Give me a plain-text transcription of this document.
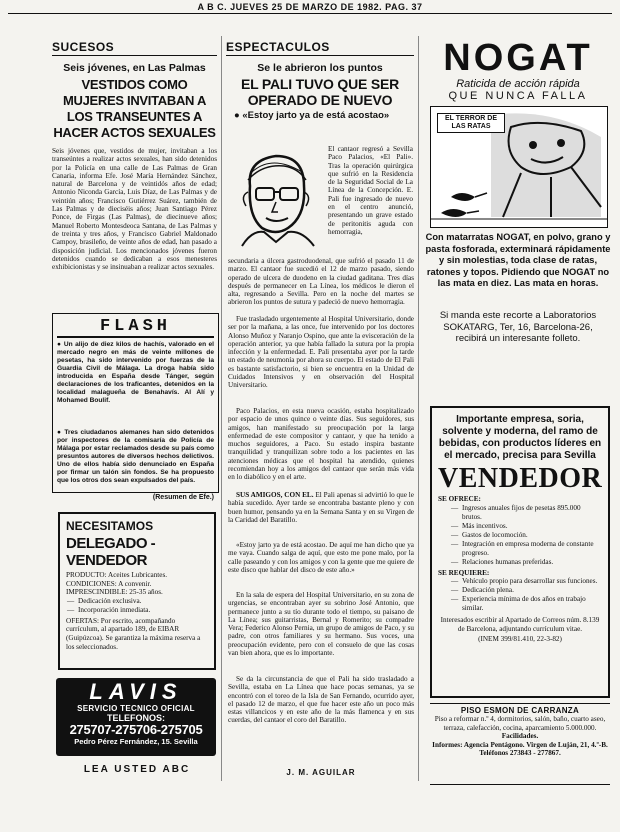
A B C. JUEVES 25 DE MARZO DE 1982. PAG. 37
SUCESOS
Seis jóvenes, en Las Palmas
VESTIDOS COMO MUJERES INVITABAN A LOS TRANSEUNTES A HACER ACTOS SEXUALES
Seis jóvenes que, vestidos de mujer, invitaban a los transeúntes a realizar actos sexuales, han sido detenidos por la Policía en una calle de Las Palmas de Gran Canaria, informa Efe. José María Hernández Sánchez, natural de Barcelona y de veintidós años de edad; Antonio Niconda García, Luis Díaz, de Las Palmas y de veintiún años; Francisco Gutiérrez Suárez, también de Las Palmas y de dieciséis años; Juan Santiago Pérez Ponce, de Firgas (Las Palmas), de diecinueve años; Manuel Roberto Montesdeoca Santana, de Las Palmas y de treinta y tres años, y Francisco Gabriel Maldonado Campoy, brasileño, de veinte años de edad, han pasado a disposición judicial. Los mencionados jóvenes fueron detenidos cuando se dedicaban a esos menesteres exhibicionistas y se insinuaban a realizar actos sexuales.
FLASH
● Un alijo de diez kilos de hachís, valorado en el mercado negro en más de veinte millones de pesetas, ha sido intervenido por fuerzas de la Guardia Civil de Málaga. La droga había sido introducida en España desde Tánger, según declaraciones de los traficantes, detenidos en la localidad malagueña de Benahavís. Al Alí y Mohamed Boulif.
● Tres ciudadanos alemanes han sido detenidos por inspectores de la comisaría de Policía de Málaga por estar reclamados desde su país como presuntos autores de diversos hechos delictivos. Uno de ellos había sido denunciado en España por firmar un talón sin fondos. Se ha propuesto que los otros dos sean expulsados del país.
(Resumen de Efe.)
NECESITAMOS
DELEGADO - VENDEDOR
PRODUCTO: Aceites Lubricantes.
CONDICIONES: A convenir.
IMPRESCINDIBLE: 25-35 años.
— Dedicación exclusiva.
— Incorporación inmediata.
OFERTAS: Por escrito, acompañando currículum, al apartado 189, de EIBAR (Guipúzcoa). Se garantiza la máxima reserva a los seleccionados.
LAVIS
SERVICIO TECNICO OFICIAL
TELEFONOS:
275707-275706-275705
Pedro Pérez Fernández, 15. Sevilla
LEA USTED ABC
ESPECTACULOS
Se le abrieron los puntos
EL PALI TUVO QUE SER OPERADO DE NUEVO
● «Estoy jarto ya de está acostao»
El cantaor regresó a Sevilla Paco Palacios, «El Pali». Tras la operación quirúrgica que sufrió en la Residencia de la Seguridad Social de La Línea de la Concepción. E. Pali fue ingresado de nuevo en el centro anunció, presentando un grave estado de peritonitis aguda con hemorragia,
secundaria a úlcera gastroduodenal, que sufrió el pasado 11 de marzo. El cantaor fue sucedió el 12 de marzo pasado, siendo operado de ulcera de duodeno en la ciudad gaditana. Tres días después de permanecer en La Línea, los médicos le dieron el alta, regresando a Sevilla. Pero en la noche del martes se abrieron los puntos de sutura y padeció de nuevo hemorragia.
Fue trasladado urgentemente al Hospital Universitario, donde ser por la mañana, a las once, fue intervenido por los doctores Alonso Muñoz y Naranjo Ospino, que ante la evisceración de la operación anterior, ya que había fallado la sutura por la propia infección y la enfermedad. E. Pali presentaba ayer por la tarde un estado de neumonía por ahora su cuerpo. El estado de El Pali es bastante satisfactorio, si bien se encuentra en la Unidad de Cuidados Intensivos y en observación del Hospital Universitario.
Paco Palacios, en esta nueva ocasión, estaba hospitalizado por espacio de unos quince o veinte días. Sus seguidores, sus amigos, han manifestado su preocupación por la larga enfermedad de este compositor y cantaor, y que ha tenido a muchos seguidores, a Paco. Su estado inspira bastante tranquilidad y tranquilizan sobre todo a los pacientes en las atenciones médicas que el hospital ha atendido, quienes recomiendan hoy a los amigos del cantaor que serán más vida en lo diabólico y en el arte.
SUS AMIGOS, CON EL. El Pali apenas si advirtió lo que le había sucedido. Ayer tarde se encontraba bastante pleno y con buen humor, pensando ya en la Semana Santa y en su Virgen de la Caridad del Baratillo.
«Estoy jarto ya de está acostao. De aquí me han dicho que ya me vaya. Cuando salga de aquí, que esto me pone malo, por la calle paseando y con los amigos y con la gente que me quiere de este disco que hablar del disco de este año.»
En la sala de espera del Hospital Universitario, en su zona de urgencias, se encontraban ayer su sobrino José Antonio, que permanece junto a su tío durante todo el tiempo, su paisano de La Línea; sus guitarristas, Bernal y Romerito; su compadre Vera; Federico Alonso Pernia, un grupo de amigos de Paco, y su padre, con otros familiares y su hermano. Sus voces, una preocupación evidente, pero con el consuelo de que las cosas van bien ahora, que es lo importante.
Se da la circunstancia de que el Pali ha sido trasladado a Sevilla, estaba en La Línea que hace pocas semanas, ya se encontró con el toreo de la Isla de San Fernando, ocurrido ayer, el pasado 12 de marzo, el que fue hacer este año un poco más estas villancicos y en este año de la más flamenca y en sus cuerdas, del cantaor el coro del Baratillo.
J. M. AGUILAR
NOGAT
Raticida de acción rápida
QUE NUNCA FALLA
EL TERROR DE LAS RATAS
Con matarratas NOGAT, en polvo, grano y pasta fosforada, exterminará rápidamente y sin molestias, toda clase de ratas, ratones y topos. Pidiendo que NOGAT no las mata en diez. Las mata en horas.
Si manda este recorte a Laboratorios SOKATARG, Ter, 16, Barcelona-26, recibirá un interesante folleto.
Importante empresa, soria, solvente y moderna, del ramo de bebidas, con productos líderes en el mercado, precisa para Sevilla
VENDEDOR
SE OFRECE:
— Ingresos anuales fijos de pesetas 895.000 brutos.
— Más incentivos.
— Gastos de locomoción.
— Integración en empresa moderna de constante progreso.
— Relaciones humanas preferidas.
SE REQUIERE:
— Vehículo propio para desarrollar sus funciones.
— Dedicación plena.
— Experiencia mínima de dos años en trabajo similar.
Interesados escribir al Apartado de Correos núm. 8.139 de Barcelona, adjuntando currículum vitae.
(INEM 399/81.410, 22-3-82)
PISO ESMON DE CARRANZA
Piso a reformar n.º 4, dormitorios, salón, baño, cuarto aseo, terraza, calefacción, cocina, aparcamiento 5.000.000.
Facilidades.
Informes: Agencia Pentágono. Virgen de Luján, 21, 4.º-B. Teléfonos 273843 - 277867.
